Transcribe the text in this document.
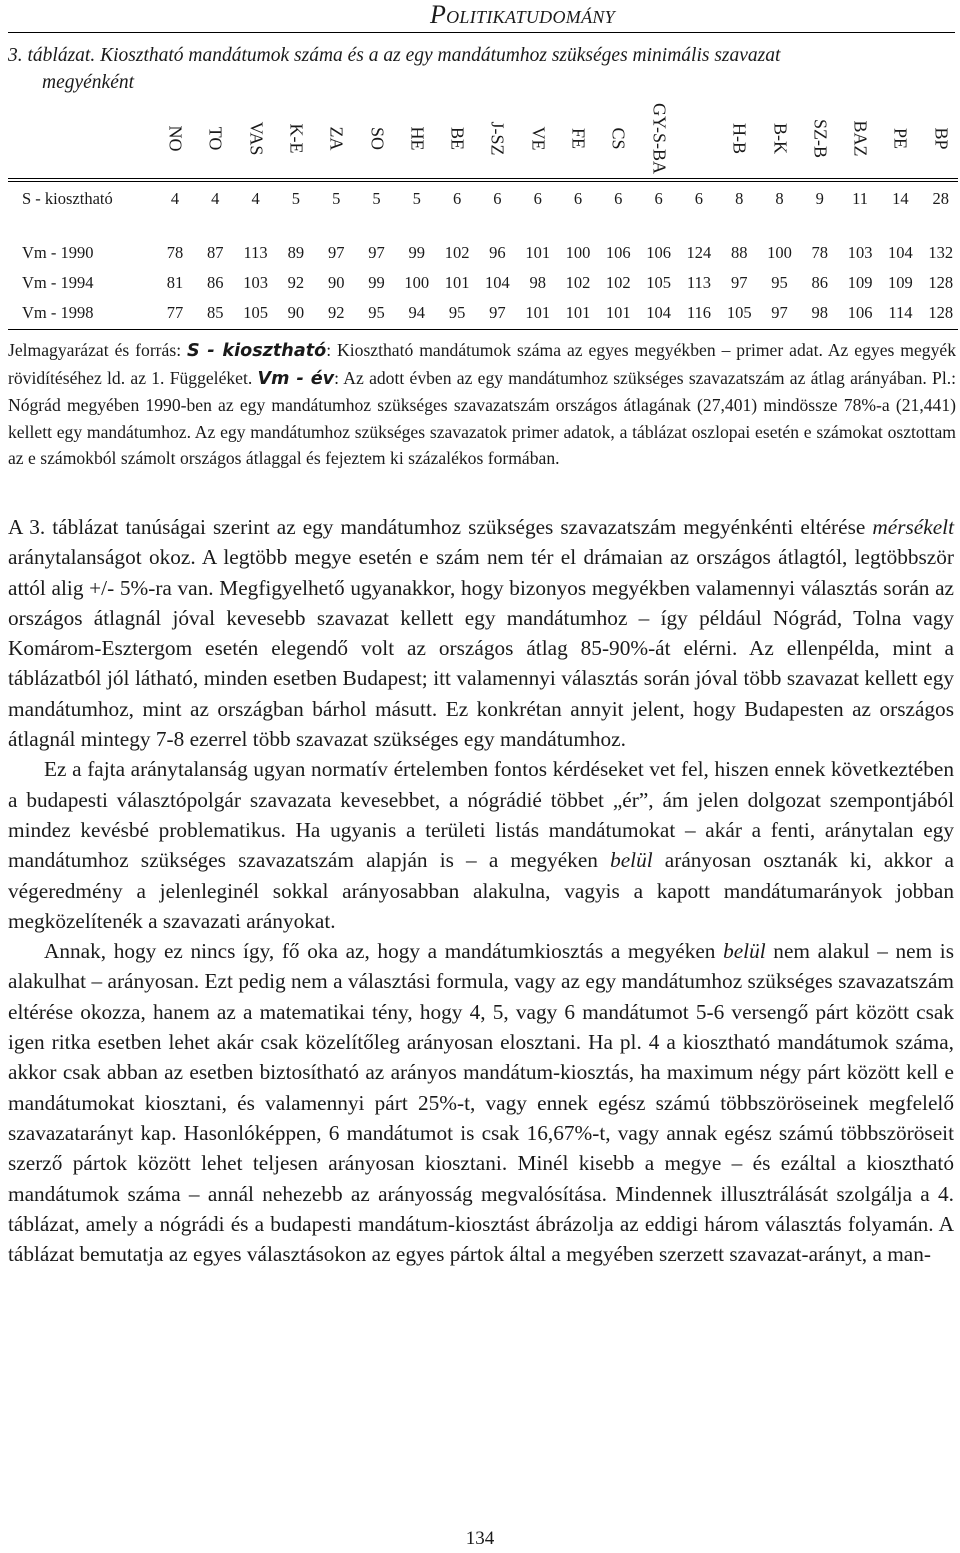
Politikatudomány
3. táblázat. Kiosztható mandátumok száma és a az egy mandátumhoz szükséges minimális szavazat
megyénként
NO TO VAS K-E ZA SO HE BE J-SZ VE FE CS GY-S-BA	H-B B-K SZ-B BAZ PE BP
S - kiosztható	4	4	4	5	5	5	5	6	6	6	6	6	6	6	8	8	9	11	14	28
Vm - 1990	78	87	113	89	97	97	99	102	96	101 100 106 106 124	88	100	78	103 104 132
Vm - 1994	81	86	103	92	90	99	100 101 104	98	102 102 105 113	97	95	86	109 109 128
Vm - 1998	77	85	105	90	92	95	94	95	97	101 101 101 104 116 105	97	98	106 114 128
Jelmagyarázat és forrás: S - kiosztható: Kiosztható mandátumok száma az egyes megyékben – primer adat. Az egyes megyék rövidítéséhez ld. az 1. Függeléket. Vm - év: Az adott évben az egy mandátumhoz szükséges szavazatszám az átlag arányában. Pl.: Nógrád megyében 1990-ben az egy mandátumhoz szükséges szavazatszám országos átlagának (27,401) mindössze 78%-a (21,441) kellett egy mandátumhoz. Az egy mandátumhoz szükséges szavazatok primer adatok, a táblázat oszlopai esetén e számokat osztottam az e számokból számolt országos átlaggal és fejeztem ki százalékos formában.

A 3. táblázat tanúságai szerint az egy mandátumhoz szükséges szavazatszám megyénkénti eltérése mérsékelt aránytalanságot okoz. A legtöbb megye esetén e szám nem tér el drámaian az országos átlagtól, legtöbbször attól alig +/- 5%-ra van. Megfigyelhető ugyanakkor, hogy bizonyos megyékben valamennyi választás során az országos átlagnál jóval kevesebb szavazat kellett egy mandátumhoz – így például Nógrád, Tolna vagy Komárom-Esztergom esetén elegendő volt az országos átlag 85-90%-át elérni. Az ellenpélda, mint a táblázatból jól látható, minden esetben Budapest; itt valamennyi választás során jóval több szavazat kellett egy mandátumhoz, mint az országban bárhol másutt. Ez konkrétan annyit jelent, hogy Budapesten az országos átlagnál mintegy 7-8 ezerrel több szavazat szükséges egy mandátumhoz.

Ez a fajta aránytalanság ugyan normatív értelemben fontos kérdéseket vet fel, hiszen ennek következtében a budapesti választópolgár szavazata kevesebbet, a nógrádié többet „ér”, ám jelen dolgozat szempontjából mindez kevésbé problematikus. Ha ugyanis a területi listás mandátumokat – akár a fenti, aránytalan egy mandátumhoz szükséges szavazatszám alapján is – a megyéken belül arányosan osztanák ki, akkor a végeredmény a jelenleginél sokkal arányosabban alakulna, vagyis a kapott mandátumarányok jobban megközelítenék a szavazati arányokat.

Annak, hogy ez nincs így, fő oka az, hogy a mandátumkiosztás a megyéken belül nem alakul – nem is alakulhat – arányosan. Ezt pedig nem a választási formula, vagy az egy mandátumhoz szükséges szavazatszám eltérése okozza, hanem az a matematikai tény, hogy 4, 5, vagy 6 mandátumot 5-6 versengő párt között csak igen ritka esetben lehet akár csak közelítőleg arányosan elosztani. Ha pl. 4 a kiosztható mandátumok száma, akkor csak abban az esetben biztosítható az arányos mandátum-kiosztás, ha maximum négy párt között kell e mandátumokat kiosztani, és valamennyi párt 25%-t, vagy ennek egész számú többszöröseinek megfelelő szavazatarányt kap. Hasonlóképpen, 6 mandátumot is csak 16,67%-t, vagy annak egész számú többszöröseit szerző pártok között lehet teljesen arányosan kiosztani. Minél kisebb a megye – és ezáltal a kiosztható mandátumok száma – annál nehezebb az arányosság megvalósítása. Mindennek illusztrálását szolgálja a 4. táblázat, amely a nógrádi és a budapesti mandátum-kiosztást ábrázolja az eddigi három választás folyamán. A táblázat bemutatja az egyes választásokon az egyes pártok által a megyében szerzett szavazat-arányt, a man-

134
